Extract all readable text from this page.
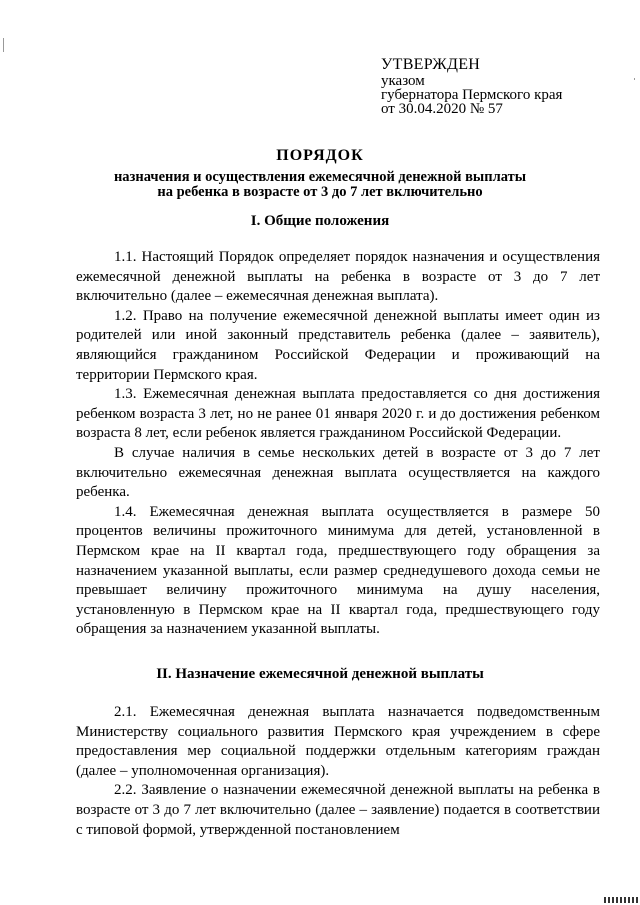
УТВЕРЖДЕН
указом
губернатора Пермского края
от 30.04.2020 № 57
ПОРЯДОК
назначения и осуществления ежемесячной денежной выплаты
на ребенка в возрасте от 3 до 7 лет включительно
I. Общие положения

1.1. Настоящий Порядок определяет порядок назначения и осуществления ежемесячной денежной выплаты на ребенка в возрасте от 3 до 7 лет включительно (далее – ежемесячная денежная выплата).

1.2. Право на получение ежемесячной денежной выплаты имеет один из родителей или иной законный представитель ребенка (далее – заявитель), являющийся гражданином Российской Федерации и проживающий на территории Пермского края.

1.3. Ежемесячная денежная выплата предоставляется со дня достижения ребенком возраста 3 лет, но не ранее 01 января 2020 г. и до достижения ребенком возраста 8 лет, если ребенок является гражданином Российской Федерации.

В случае наличия в семье нескольких детей в возрасте от 3 до 7 лет включительно ежемесячная денежная выплата осуществляется на каждого ребенка.

1.4. Ежемесячная денежная выплата осуществляется в размере 50 процентов величины прожиточного минимума для детей, установленной в Пермском крае на II квартал года, предшествующего году обращения за назначением указанной выплаты, если размер среднедушевого дохода семьи не превышает величину прожиточного минимума на душу населения, установленную в Пермском крае на II квартал года, предшествующего году обращения за назначением указанной выплаты.

II. Назначение ежемесячной денежной выплаты

2.1. Ежемесячная денежная выплата назначается подведомственным Министерству социального развития Пермского края учреждением в сфере предоставления мер социальной поддержки отдельным категориям граждан (далее – уполномоченная организация).

2.2. Заявление о назначении ежемесячной денежной выплаты на ребенка в возрасте от 3 до 7 лет включительно (далее – заявление) подается в соответствии с типовой формой, утвержденной постановлением
